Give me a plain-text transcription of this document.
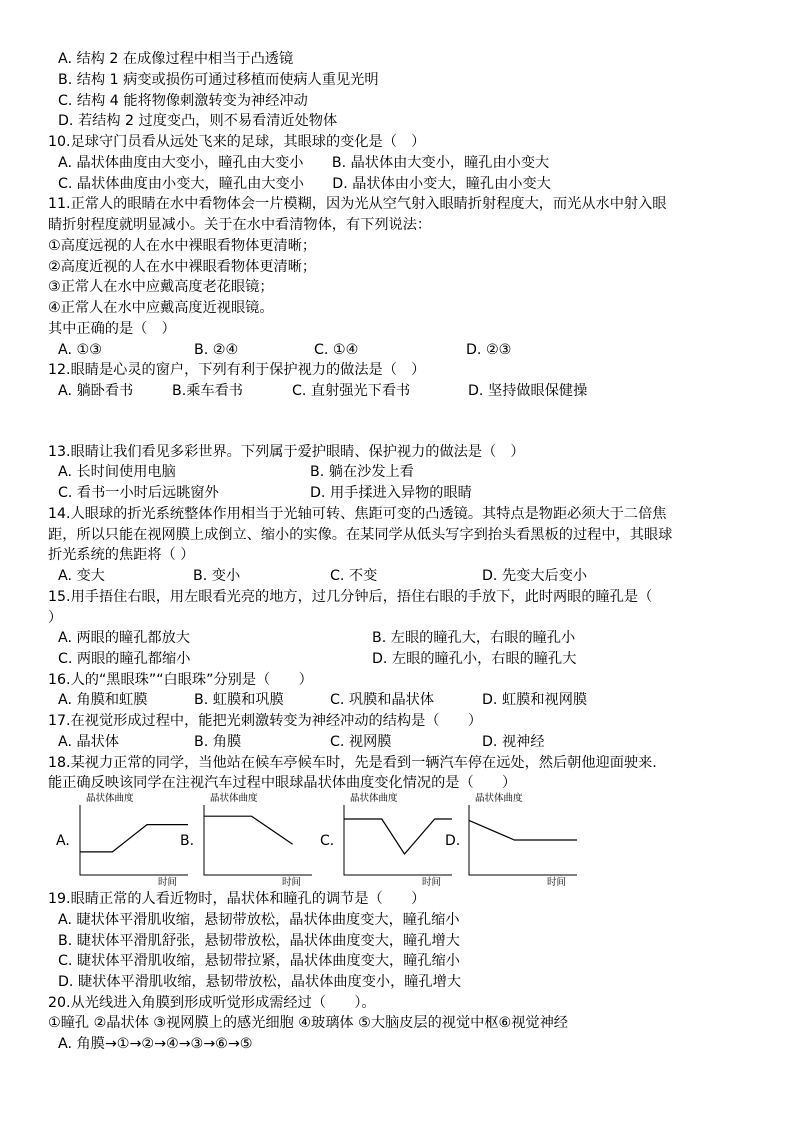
A. 结构 2 在成像过程中相当于凸透镜
B. 结构 1 病变或损伤可通过移植而使病人重见光明
C. 结构 4 能将物像刺激转变为神经冲动
D. 若结构 2 过度变凸，则不易看清近处物体
10.足球守门员看从远处飞来的足球，其眼球的变化是（　）
A. 晶状体曲度由大变小，瞳孔由大变小　　B. 晶状体由大变小，瞳孔由小变大
C. 晶状体曲度由小变大，瞳孔由大变小　　D. 晶状体由小变大，瞳孔由小变大
11.正常人的眼睛在水中看物体会一片模糊，因为光从空气射入眼睛折射程度大，而光从水中射入眼
睛折射程度就明显减小。关于在水中看清物体，有下列说法：
①高度远视的人在水中裸眼看物体更清晰；
②高度近视的人在水中裸眼看物体更清晰；
③正常人在水中应戴高度老花眼镜；
④正常人在水中应戴高度近视眼镜。
其中正确的是（　）
A. ①③	B. ②④	C. ①④	D. ②③
12.眼睛是心灵的窗户，下列有利于保护视力的做法是（　）
A. 躺卧看书	B.乘车看书	C. 直射强光下看书	D. 坚持做眼保健操
13.眼睛让我们看见多彩世界。下列属于爱护眼睛、保护视力的做法是（　）
A. 长时间使用电脑	B. 躺在沙发上看
C. 看书一小时后远眺窗外	D. 用手揉进入异物的眼睛
14.人眼球的折光系统整体作用相当于光轴可转、焦距可变的凸透镜。其特点是物距必须大于二倍焦
距，所以只能在视网膜上成倒立、缩小的实像。在某同学从低头写字到抬头看黑板的过程中，其眼球
折光系统的焦距将（ ）
A. 变大	B. 变小	C. 不变	D. 先变大后变小
15.用手捂住右眼，用左眼看光亮的地方，过几分钟后，捂住右眼的手放下，此时两眼的瞳孔是（
）
A. 两眼的瞳孔都放大	B. 左眼的瞳孔大，右眼的瞳孔小
C. 两眼的瞳孔都缩小	D. 左眼的瞳孔小，右眼的瞳孔大
16.人的“黑眼珠”“白眼珠”分别是（　　）
A. 角膜和虹膜	B. 虹膜和巩膜	C. 巩膜和晶状体	D. 虹膜和视网膜
17.在视觉形成过程中，能把光刺激转变为神经冲动的结构是（　　）
A. 晶状体	B. 角膜	C. 视网膜	D. 视神经
18.某视力正常的同学，当他站在候车亭候车时，先是看到一辆汽车停在远处，然后朝他迎面驶来.
能正确反映该同学在注视汽车过程中眼球晶状体曲度变化情况的是（　　）
19.眼睛正常的人看近物时，晶状体和瞳孔的调节是（　　）
A. 睫状体平滑肌收缩，悬韧带放松，晶状体曲度变大，瞳孔缩小
B. 睫状体平滑肌舒张，悬韧带放松，晶状体曲度变大，瞳孔增大
C. 睫状体平滑肌收缩，悬韧带拉紧，晶状体曲度变大，瞳孔缩小
D. 睫状体平滑肌收缩，悬韧带放松，晶状体曲度变小，瞳孔增大
20.从光线进入角膜到形成听觉形成需经过（　　）。
①瞳孔 ②晶状体 ③视网膜上的感光细胞 ④玻璃体 ⑤大脑皮层的视觉中枢⑥视觉神经
A. 角膜→①→②→④→③→⑥→⑤
A.
晶状体曲度
时间
B.
晶状体曲度
时间
C.
晶状体曲度
时间
D.
晶状体曲度
时间
